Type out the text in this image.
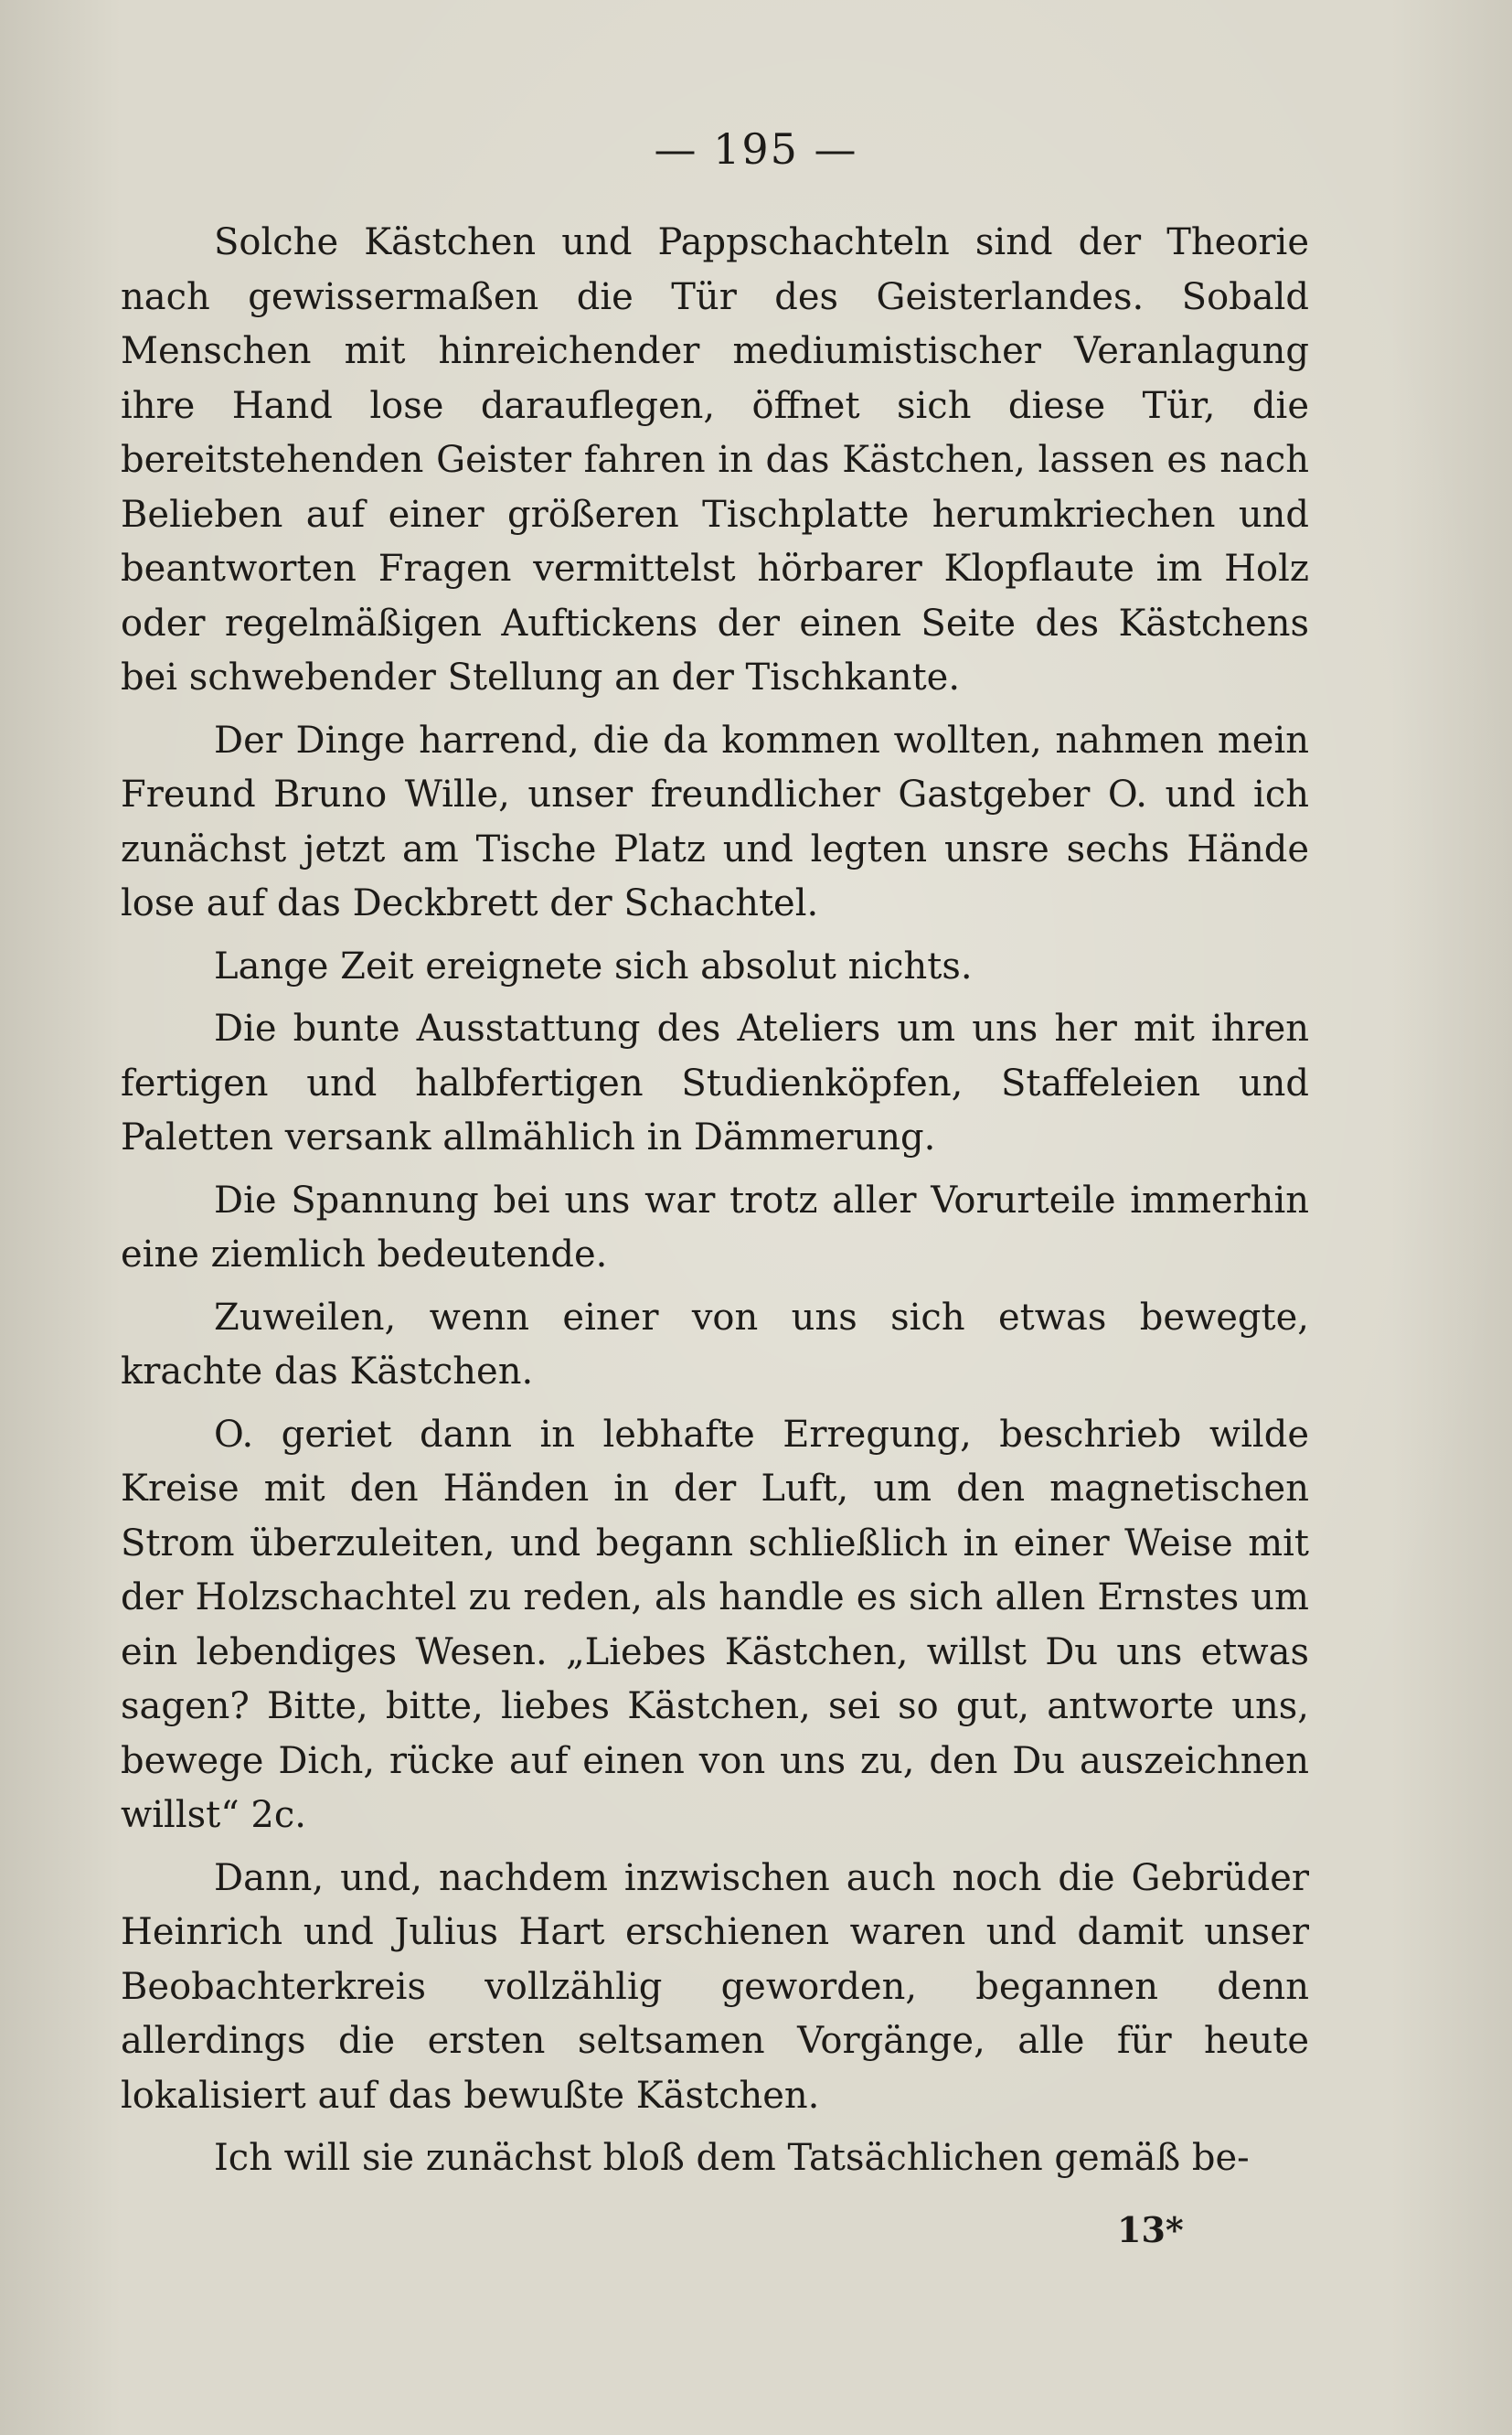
— 195 —

Solche Kästchen und Pappschachteln sind der Theorie nach gewissermaßen die Tür des Geisterlandes. Sobald Menschen mit hinreichender mediumistischer Veranlagung ihre Hand lose darauflegen, öffnet sich diese Tür, die bereitstehenden Geister fahren in das Kästchen, lassen es nach Belieben auf einer größeren Tischplatte herumkriechen und beantworten Fragen vermittelst hörbarer Klopflaute im Holz oder regelmäßigen Auftickens der einen Seite des Kästchens bei schwebender Stellung an der Tischkante.

Der Dinge harrend, die da kommen wollten, nahmen mein Freund Bruno Wille, unser freundlicher Gastgeber O. und ich zunächst jetzt am Tische Platz und legten unsre sechs Hände lose auf das Deckbrett der Schachtel.

Lange Zeit ereignete sich absolut nichts.

Die bunte Ausstattung des Ateliers um uns her mit ihren fertigen und halbfertigen Studienköpfen, Staffeleien und Paletten versank allmählich in Dämmerung.

Die Spannung bei uns war trotz aller Vorurteile immerhin eine ziemlich bedeutende.

Zuweilen, wenn einer von uns sich etwas bewegte, krachte das Kästchen.

O. geriet dann in lebhafte Erregung, beschrieb wilde Kreise mit den Händen in der Luft, um den magnetischen Strom überzuleiten, und begann schließlich in einer Weise mit der Holzschachtel zu reden, als handle es sich allen Ernstes um ein lebendiges Wesen. „Liebes Kästchen, willst Du uns etwas sagen? Bitte, bitte, liebes Kästchen, sei so gut, antworte uns, bewege Dich, rücke auf einen von uns zu, den Du auszeichnen willst“ 2c.

Dann, und, nachdem inzwischen auch noch die Gebrüder Heinrich und Julius Hart erschienen waren und damit unser Beobachterkreis vollzählig geworden, begannen denn allerdings die ersten seltsamen Vorgänge, alle für heute lokalisiert auf das bewußte Kästchen.

Ich will sie zunächst bloß dem Tatsächlichen gemäß be-

13*
